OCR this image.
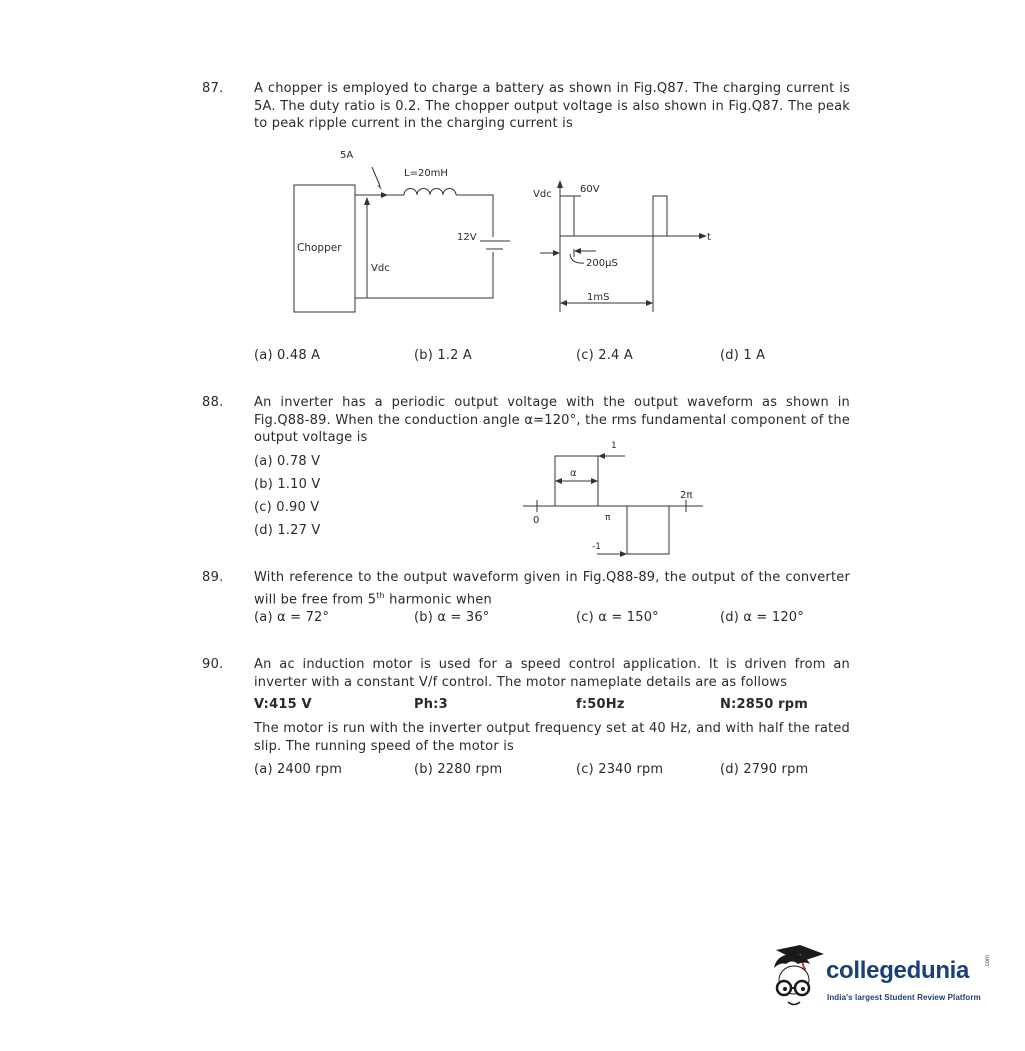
87. A chopper is employed to charge a battery as shown in Fig.Q87. The charging current is 5A. The duty ratio is 0.2. The chopper output voltage is also shown in Fig.Q87. The peak to peak ripple current in the charging current is
5A
L=20mH
Chopper
Vdc
12V
Vdc	60V
t
200μS
1mS
(a) 0.48 A	(b) 1.2 A	(c) 2.4 A	(d) 1 A
88. An inverter has a periodic output voltage with the output waveform as shown in Fig.Q88-89. When the conduction angle α=120°, the rms fundamental component of the output voltage is
(a) 0.78 V
(b) 1.10 V
(c) 0.90 V
(d) 1.27 V
1
α
2π
0	π
-1
89. With reference to the output waveform given in Fig.Q88-89, the output of the converter will be free from 5th harmonic when
(a) α = 72°	(b) α = 36°	(c) α = 150°	(d) α = 120°
90. An ac induction motor is used for a speed control application. It is driven from an inverter with a constant V/f control. The motor nameplate details are as follows
V:415 V	Ph:3	f:50Hz	N:2850 rpm
The motor is run with the inverter output frequency set at 40 Hz, and with half the rated slip. The running speed of the motor is
(a) 2400 rpm	(b) 2280 rpm	(c) 2340 rpm	(d) 2790 rpm
collegedunia	.com
India's largest Student Review Platform
